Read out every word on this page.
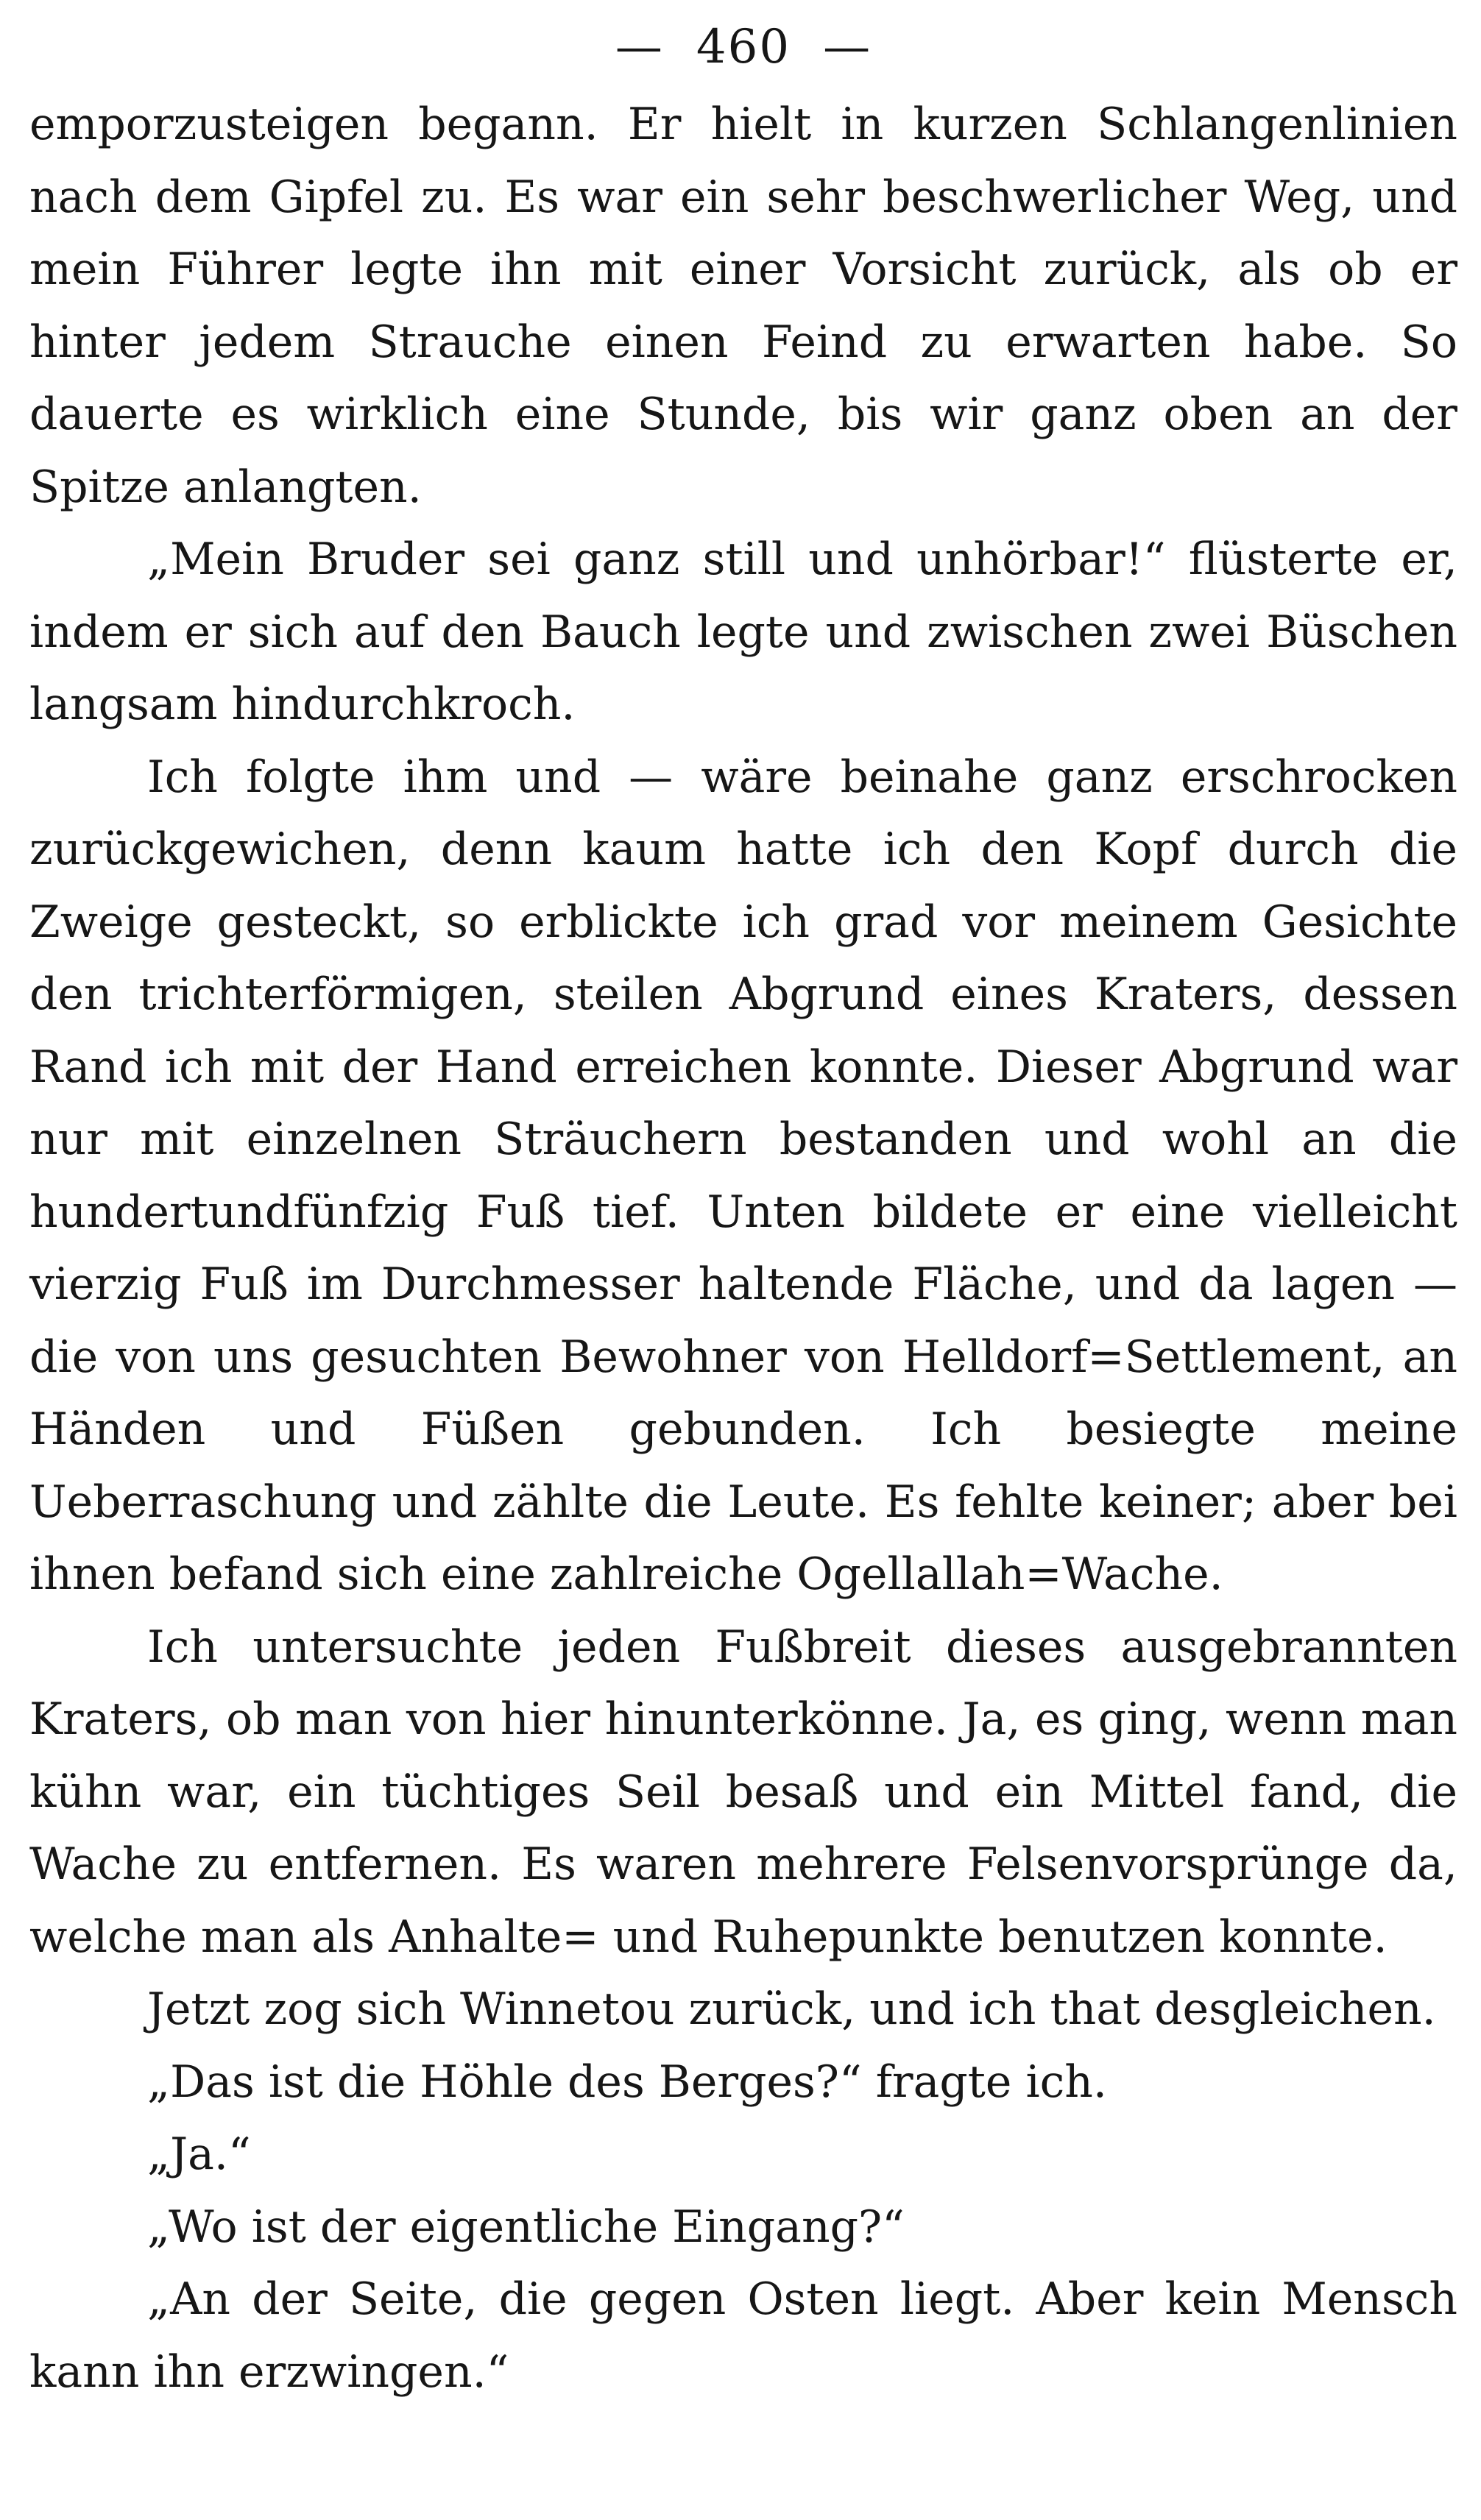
— 460 —

emporzusteigen begann. Er hielt in kurzen Schlangenlinien nach dem Gipfel zu. Es war ein sehr beschwerlicher Weg, und mein Führer legte ihn mit einer Vorsicht zurück, als ob er hinter jedem Strauche einen Feind zu erwarten habe. So dauerte es wirklich eine Stunde, bis wir ganz oben an der Spitze anlangten.

„Mein Bruder sei ganz still und unhörbar!“ flüsterte er, indem er sich auf den Bauch legte und zwischen zwei Büschen langsam hindurchkroch.

Ich folgte ihm und — wäre beinahe ganz erschrocken zurückgewichen, denn kaum hatte ich den Kopf durch die Zweige gesteckt, so erblickte ich grad vor meinem Gesichte den trichterförmigen, steilen Abgrund eines Kraters, dessen Rand ich mit der Hand erreichen konnte. Dieser Abgrund war nur mit einzelnen Sträuchern bestanden und wohl an die hundertundfünfzig Fuß tief. Unten bildete er eine vielleicht vierzig Fuß im Durchmesser haltende Fläche, und da lagen — die von uns gesuchten Bewohner von Helldorf=Settlement, an Händen und Füßen gebunden. Ich besiegte meine Ueberraschung und zählte die Leute. Es fehlte keiner; aber bei ihnen befand sich eine zahlreiche Ogellallah=Wache.

Ich untersuchte jeden Fußbreit dieses ausgebrannten Kraters, ob man von hier hinunterkönne. Ja, es ging, wenn man kühn war, ein tüchtiges Seil besaß und ein Mittel fand, die Wache zu entfernen. Es waren mehrere Felsenvorsprünge da, welche man als Anhalte= und Ruhepunkte benutzen konnte.

Jetzt zog sich Winnetou zurück, und ich that desgleichen.

„Das ist die Höhle des Berges?“ fragte ich.

„Ja.“

„Wo ist der eigentliche Eingang?“

„An der Seite, die gegen Osten liegt. Aber kein Mensch kann ihn erzwingen.“
